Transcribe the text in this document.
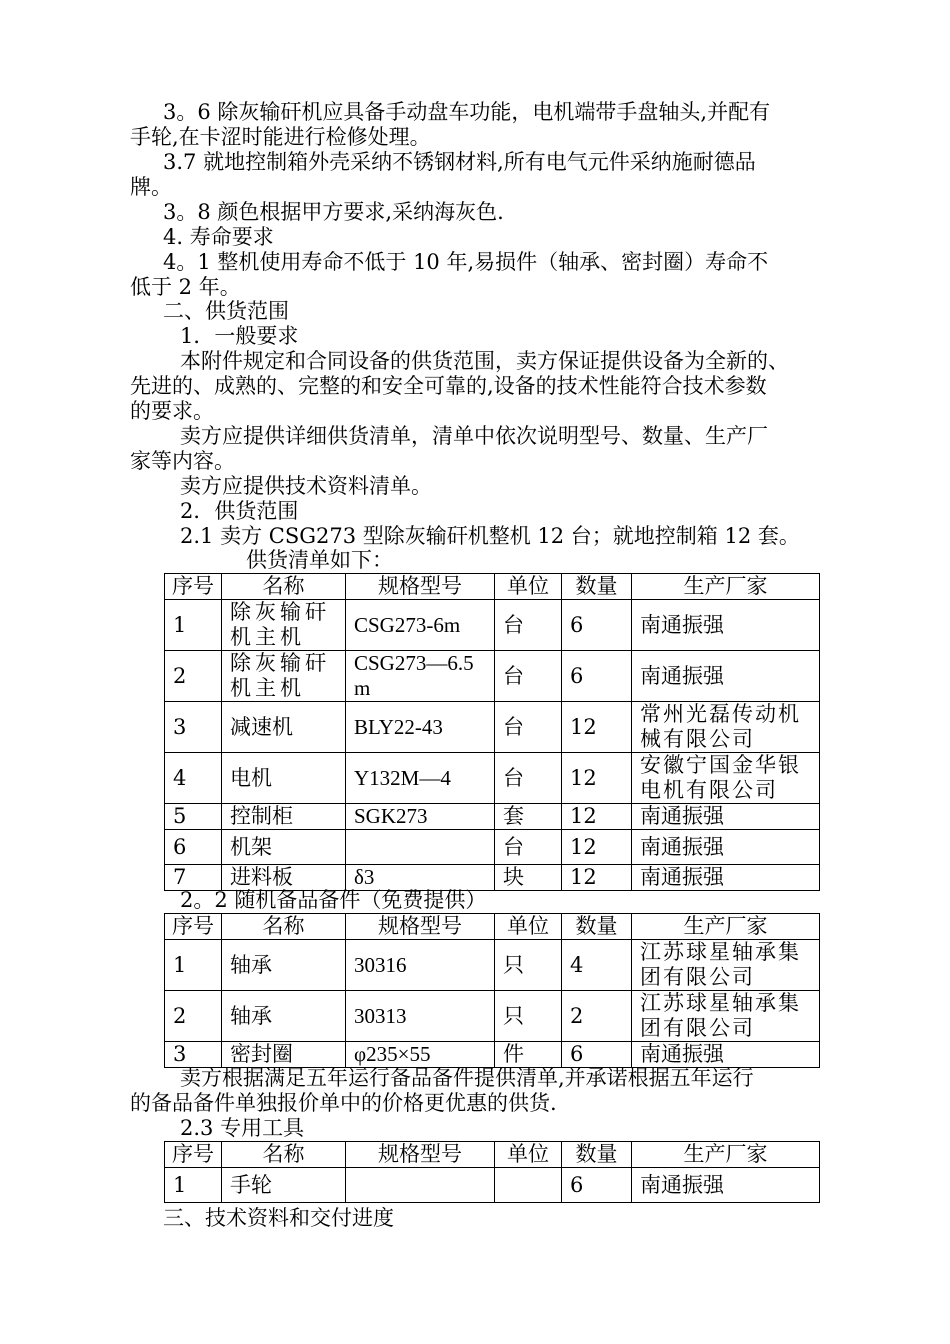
3。6 除灰输矸机应具备手动盘车功能，电机端带手盘轴头,并配有
手轮,在卡涩时能进行检修处理。
3.7 就地控制箱外壳采纳不锈钢材料,所有电气元件采纳施耐德品
牌。
3。8 颜色根据甲方要求,采纳海灰色.
4. 寿命要求
4。1 整机使用寿命不低于 10 年,易损件（轴承、密封圈）寿命不
低于 2 年。
二、供货范围
1．一般要求
本附件规定和合同设备的供货范围，卖方保证提供设备为全新的、
先进的、成熟的、完整的和安全可靠的,设备的技术性能符合技术参数
的要求。
卖方应提供详细供货清单，清单中依次说明型号、数量、生产厂
家等内容。
卖方应提供技术资料清单。
2．供货范围
2.1 卖方 CSG273 型除灰输矸机整机 12 台；就地控制箱 12 套。
供货清单如下：
序号	名称	规格型号	单位	数量	生产厂家
1	除灰输矸机主机	CSG273-6m	台	6	南通振强
2	除灰输矸机主机	CSG273—6.5m	台	6	南通振强
3	减速机	BLY22-43	台	12	常州光磊传动机械有限公司
4	电机	Y132M—4	台	12	安徽宁国金华银电机有限公司
5	控制柜	SGK273	套	12	南通振强
6	机架		台	12	南通振强
7	进料板	δ3	块	12	南通振强
2。2 随机备品备件（免费提供）
序号	名称	规格型号	单位	数量	生产厂家
1	轴承	30316	只	4	江苏球星轴承集团有限公司
2	轴承	30313	只	2	江苏球星轴承集团有限公司
3	密封圈	φ235×55	件	6	南通振强
卖方根据满足五年运行备品备件提供清单,并承诺根据五年运行
的备品备件单独报价单中的价格更优惠的供货.
2.3 专用工具
序号	名称	规格型号	单位	数量	生产厂家
1	手轮			6	南通振强
三、技术资料和交付进度
